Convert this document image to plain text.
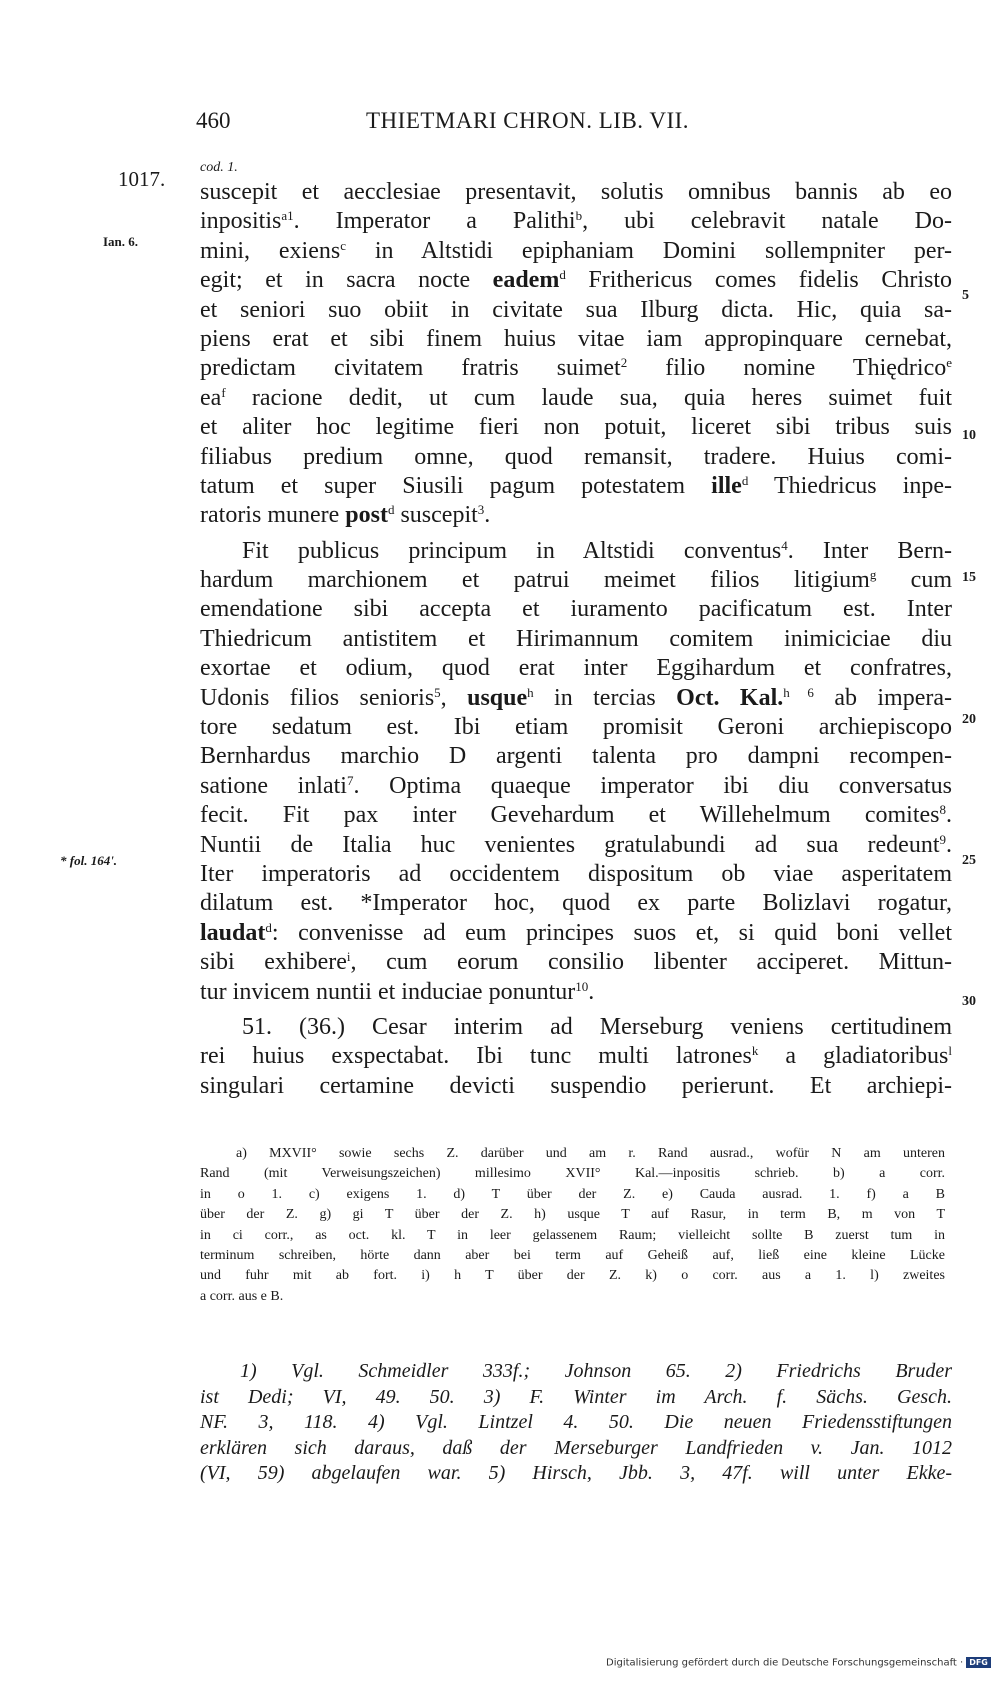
460	THIETMARI CHRON. LIB. VII.
cod. 1.
1017.
Ian. 6.
* fol. 164'.
5
10
15
20
25
30
suscepit et aecclesiae presentavit, solutis omnibus bannis ab eo
inpositis$^{a1}$. Imperator a Palithi$^b$, ubi celebravit natale Do-
mini, exiens$^c$ in Altstidi epiphaniam Domini sollempniter per-
egit; et in sacra nocte eadem$^d$ Frithericus comes fidelis Christo
et seniori suo obiit in civitate sua Ilburg dicta. Hic, quia sa-
piens erat et sibi finem huius vitae iam appropinquare cernebat,
predictam civitatem fratris suimet$^2$ filio nomine Thiędrico$^e$
$ea^f$ racione dedit, ut cum laude sua, quia heres suimet fuit
et aliter hoc legitime fieri non potuit, liceret sibi tribus suis
filiabus predium omne, quod remansit, tradere. Huius comi-
tatum et super Siusili pagum potestatem ille$^d$ Thiedricus inpe-
ratoris munere post$^d$ suscepit$^3$.
Fit publicus principum in Altstidi conventus$^4$. Inter Bern-
hardum marchionem et patrui meimet filios litigium$^g$ cum
emendatione sibi accepta et iuramento pacificatum est. Inter
Thiedricum antistitem et Hirimannum comitem inimiciciae diu
exortae et odium, quod erat inter Eggihardum et confratres,
Udonis filios senioris$^5$, usque$^h$ in tercias Oct. Kal.$^{h 6}$ ab impera-
tore sedatum est. Ibi etiam promisit Geroni archiepiscopo
Bernhardus marchio D argenti talenta pro dampni recompen-
satione inlati$^7$. Optima quaeque imperator ibi diu conversatus
fecit. Fit pax inter Gevehardum et Willehelmum comites$^8$.
Nuntii de Italia huc venientes gratulabundi ad sua redeunt$^9$.
Iter imperatoris ad occidentem dispositum ob viae asperitatem
dilatum est. *Imperator hoc, quod ex parte Bolizlavi rogatur,
laudat$^d$: convenisse ad eum principes suos et, si quid boni vellet
sibi exhibere$^i$, cum eorum consilio libenter acciperet. Mittun-
tur invicem nuntii et induciae ponuntur$^{10}$.
51. (36.) Cesar interim ad Merseburg veniens certitudinem
rei huius exspectabat. Ibi tunc multi latrones$^k$ a gladiatoribus$^l$
singulari certamine devicti suspendio perierunt. Et archiepi-
a) MXVII° sowie sechs Z. darüber und am r. Rand ausrad., wofür N am unteren
Rand (mit Verweisungszeichen) millesimo XVII° Kal.—inpositis schrieb. b) a corr.
in o 1. c) exigens 1. d) T über der Z. e) Cauda ausrad. 1. f) a B
über der Z. g) gi T über der Z. h) usque T auf Rasur, in term B, m von T
in ci corr., as oct. kl. T in leer gelassenem Raum; vielleicht sollte B zuerst tum in
terminum schreiben, hörte dann aber bei term auf Geheiß auf, ließ eine kleine Lücke
und fuhr mit ab fort. i) h T über der Z. k) o corr. aus a 1. l) zweites
a corr. aus e B.
1) Vgl. Schmeidler 333f.; Johnson 65. 2) Friedrichs Bruder
ist Dedi; VI, 49. 50. 3) F. Winter im Arch. f. Sächs. Gesch.
NF. 3, 118. 4) Vgl. Lintzel 4. 50. Die neuen Friedensstiftungen
erklären sich daraus, daß der Merseburger Landfrieden v. Jan. 1012
(VI, 59) abgelaufen war. 5) Hirsch, Jbb. 3, 47f. will unter Ekke-
Digitalisierung gefördert durch die Deutsche Forschungsgemeinschaft · DFG
